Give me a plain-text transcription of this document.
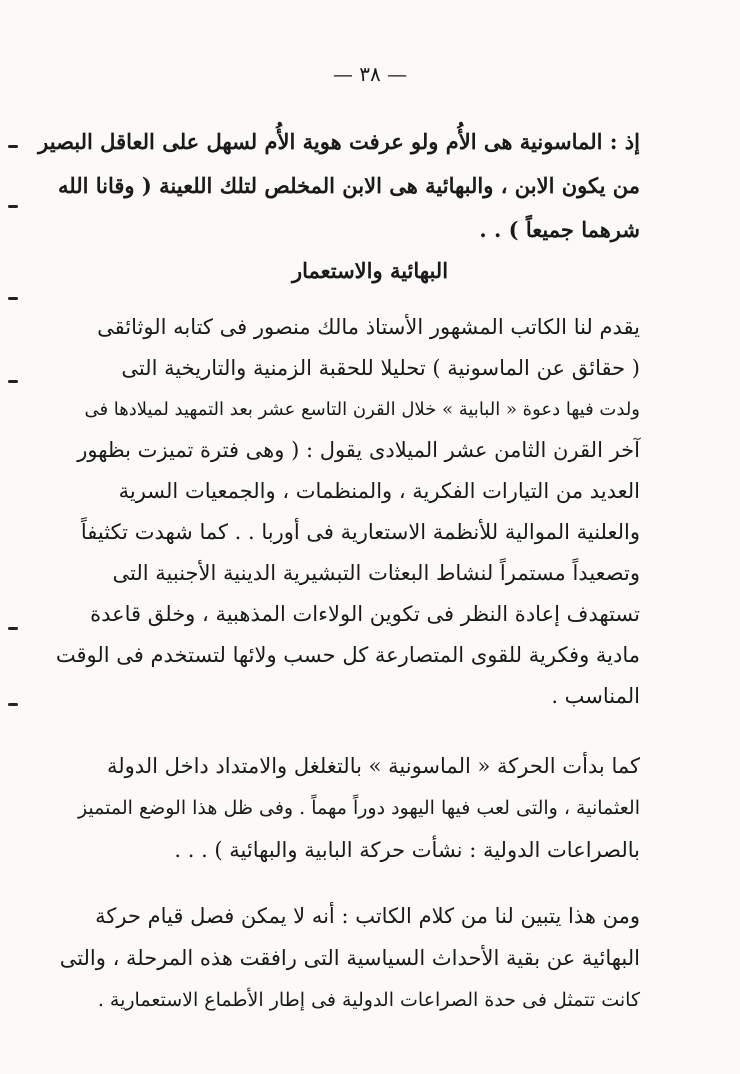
— ٣٨ —
إذ : الماسونية هى الأُم ولو عرفت هوية الأُم لسهل على العاقل البصير
من يكون الابن ، والبهائية هى الابن المخلص لتلك اللعينة ( وقانا الله
شرهما جميعاً ) . .
البهائية والاستعمار
يقدم لنا الكاتب المشهور الأستاذ مالك منصور فى كتابه الوثائقى
( حقائق عن الماسونية ) تحليلا للحقبة الزمنية والتاريخية التى
ولدت فيها دعوة « البابية » خلال القرن التاسع عشر بعد التمهيد لميلادها فى
آخر القرن الثامن عشر الميلادى يقول : ( وهى فترة تميزت بظهور
العديد من التيارات الفكرية ، والمنظمات ، والجمعيات السرية
والعلنية الموالية للأنظمة الاستعارية فى أوربا . . كما شهدت تكثيفاً
وتصعيداً مستمراً لنشاط البعثات التبشيرية الدينية الأجنبية التى
تستهدف إعادة النظر فى تكوين الولاءات المذهبية ، وخلق قاعدة
مادية وفكرية للقوى المتصارعة كل حسب ولائها لتستخدم فى الوقت
المناسب .
كما بدأت الحركة « الماسونية » بالتغلغل والامتداد داخل الدولة
العثمانية ، والتى لعب فيها اليهود دوراً مهماً . وفى ظل هذا الوضع المتميز
بالصراعات الدولية : نشأت حركة البابية والبهائية ) . . .
ومن هذا يتبين لنا من كلام الكاتب : أنه لا يمكن فصل قيام حركة
البهائية عن بقية الأحداث السياسية التى رافقت هذه المرحلة ، والتى
كانت تتمثل فى حدة الصراعات الدولية فى إطار الأطماع الاستعمارية .
